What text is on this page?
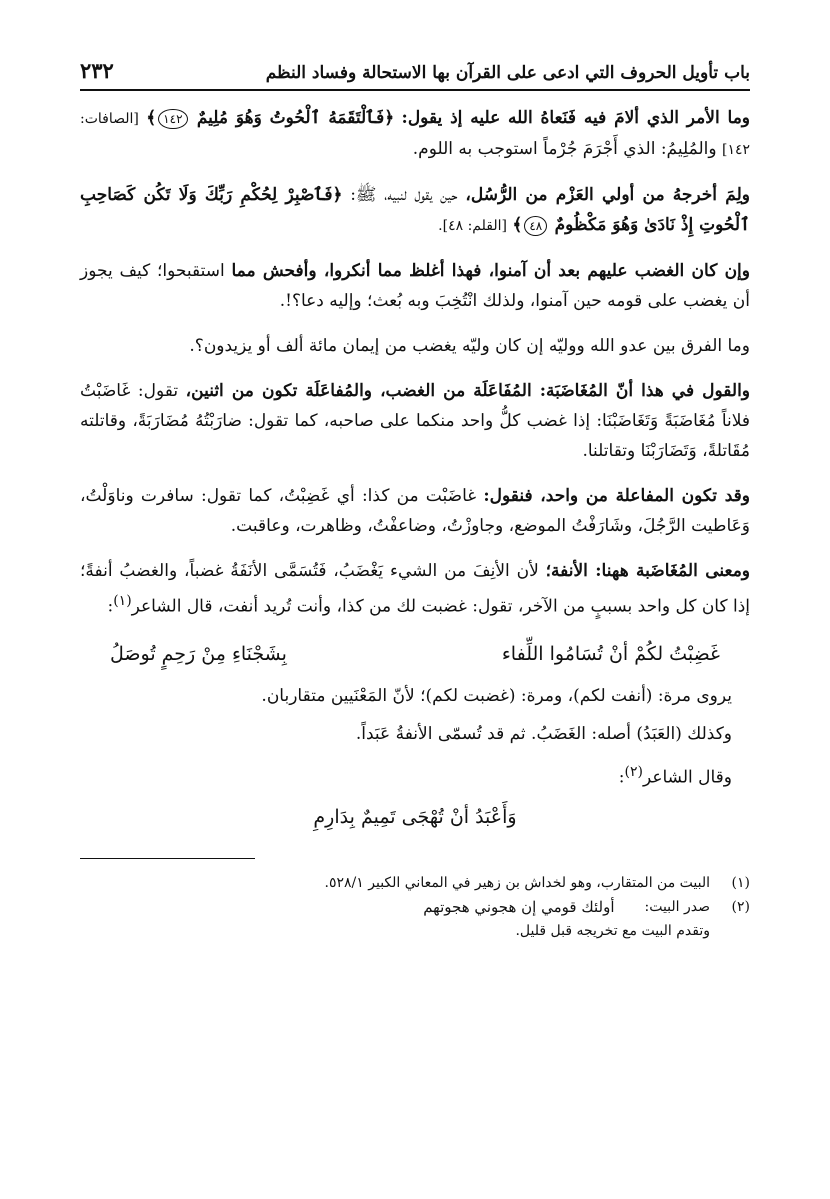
باب تأويل الحروف التي ادعى على القرآن بها الاستحالة وفساد النظم
٢٣٢

وما الأمر الذي ألامَ فيه فَنَعاهُ الله عليه إذ يقول: ﴿فَٱلْتَقَمَهُ ٱلْحُوتُ وَهُوَ مُلِيمٌ ١٤٢﴾ [الصافات: ١٤٢] والمُلِيمُ: الذي أَجْرَمَ جُرْماً استوجب به اللوم.

ولِمَ أخرجهُ من أولي العَزْم من الرُّسُل، حين يقول لنبيه، ﷺ: ﴿فَٱصْبِرْ لِحُكْمِ رَبِّكَ وَلَا تَكُن كَصَاحِبِ ٱلْحُوتِ إِذْ نَادَىٰ وَهُوَ مَكْظُومٌ ٤٨﴾ [القلم: ٤٨].

وإن كان الغضب عليهم بعد أن آمنوا، فهذا أغلظ مما أنكروا، وأفحش مما استقبحوا؛ كيف يجوز أن يغضب على قومه حين آمنوا، ولذلك انْتُخِبَ وبه بُعث؛ وإليه دعا؟!.

وما الفرق بين عدو الله ووليّه إن كان وليّه يغضب من إيمان مائة ألف أو يزيدون؟.

والقول في هذا أنّ المُغَاضَبَة: المُفَاعَلَة من الغضب، والمُفاعَلَة تكون من اثنين، تقول: غَاضَبْتُ فلاناً مُغَاضَبَةً وَتَغَاضَبْنَا: إذا غضب كلُّ واحد منكما على صاحبه، كما تقول: ضارَبْتُهُ مُضَارَبَةً، وقاتلته مُقَاتلةً، وَتَضَارَبْنَا وتقاتلنا.

وقد تكون المفاعلة من واحد، فنقول: غاضَبْت من كذا: أي غَضِبْتُ، كما تقول: سافرت وناوَلْتُ، وَعَاطيت الرَّجُلَ، وشَارَفْتُ الموضع، وجاوزْتُ، وضاعفْتُ، وظاهرت، وعاقبت.

ومعنى المُغَاضَبة ههنا: الأنفة؛ لأن الأنِفَ من الشيء يَغْضَبُ، فَتُسَمَّى الأنَفَةُ غضباً، والغضبُ أنفةً؛ إذا كان كل واحد بسببٍ من الآخر، تقول: غضبت لك من كذا، وأنت تُريد أنفت، قال الشاعر$^{(١)}$:

غَضِبْتُ لكُمْ أنْ تُسَامُوا اللِّفاء
بِشَجْنَاءِ مِنْ رَحِمٍ تُوصَلُ

يروى مرة: (أنفت لكم)، ومرة: (غضبت لكم)؛ لأنّ المَعْنَيين متقاربان.

وكذلك (العَبَدُ) أصله: الغَضَبُ. ثم قد تُسمّى الأنفةُ عَبَداً.

وقال الشاعر$^{(٢)}$:

وَأَعْبَدُ أنْ تُهْجَى تَمِيمٌ بِدَارِمِ
(١)
البيت من المتقارب، وهو لخداش بن زهير في المعاني الكبير ٥٢٨/١.
(٢)
صدر البيت:
أولئك قومي إن هجوني هجوتهم
وتقدم البيت مع تخريجه قبل قليل.
